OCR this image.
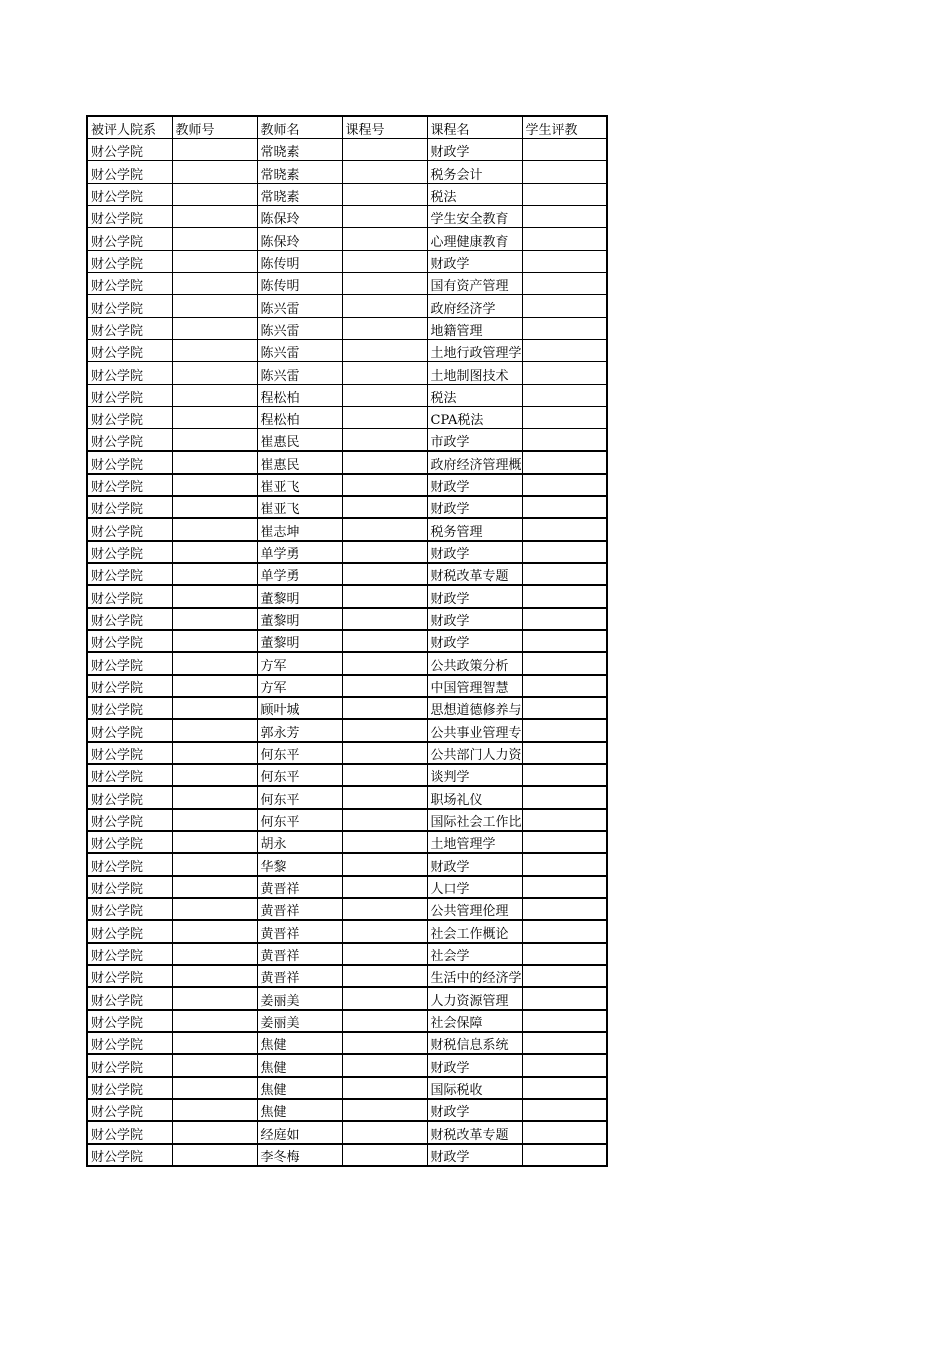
被评人院系	教师号	教师名	课程号	课程名	学生评教
财公学院		常晓素		财政学	
财公学院		常晓素		税务会计	
财公学院		常晓素		税法	
财公学院		陈保玲		学生安全教育	
财公学院		陈保玲		心理健康教育	
财公学院		陈传明		财政学	
财公学院		陈传明		国有资产管理	
财公学院		陈兴雷		政府经济学	
财公学院		陈兴雷		地籍管理	
财公学院		陈兴雷		土地行政管理学	
财公学院		陈兴雷		土地制图技术	
财公学院		程松柏		税法	
财公学院		程松柏		CPA税法	
财公学院		崔惠民		市政学	
财公学院		崔惠民		政府经济管理概	
财公学院		崔亚飞		财政学	
财公学院		崔亚飞		财政学	
财公学院		崔志坤		税务管理	
财公学院		单学勇		财政学	
财公学院		单学勇		财税改革专题	
财公学院		董黎明		财政学	
财公学院		董黎明		财政学	
财公学院		董黎明		财政学	
财公学院		方军		公共政策分析	
财公学院		方军		中国管理智慧	
财公学院		顾叶城		思想道德修养与	
财公学院		郭永芳		公共事业管理专	
财公学院		何东平		公共部门人力资	
财公学院		何东平		谈判学	
财公学院		何东平		职场礼仪	
财公学院		何东平		国际社会工作比	
财公学院		胡永		土地管理学	
财公学院		华黎		财政学	
财公学院		黄晋祥		人口学	
财公学院		黄晋祥		公共管理伦理	
财公学院		黄晋祥		社会工作概论	
财公学院		黄晋祥		社会学	
财公学院		黄晋祥		生活中的经济学	
财公学院		姜丽美		人力资源管理	
财公学院		姜丽美		社会保障	
财公学院		焦健		财税信息系统	
财公学院		焦健		财政学	
财公学院		焦健		国际税收	
财公学院		焦健		财政学	
财公学院		经庭如		财税改革专题	
财公学院		李冬梅		财政学	
